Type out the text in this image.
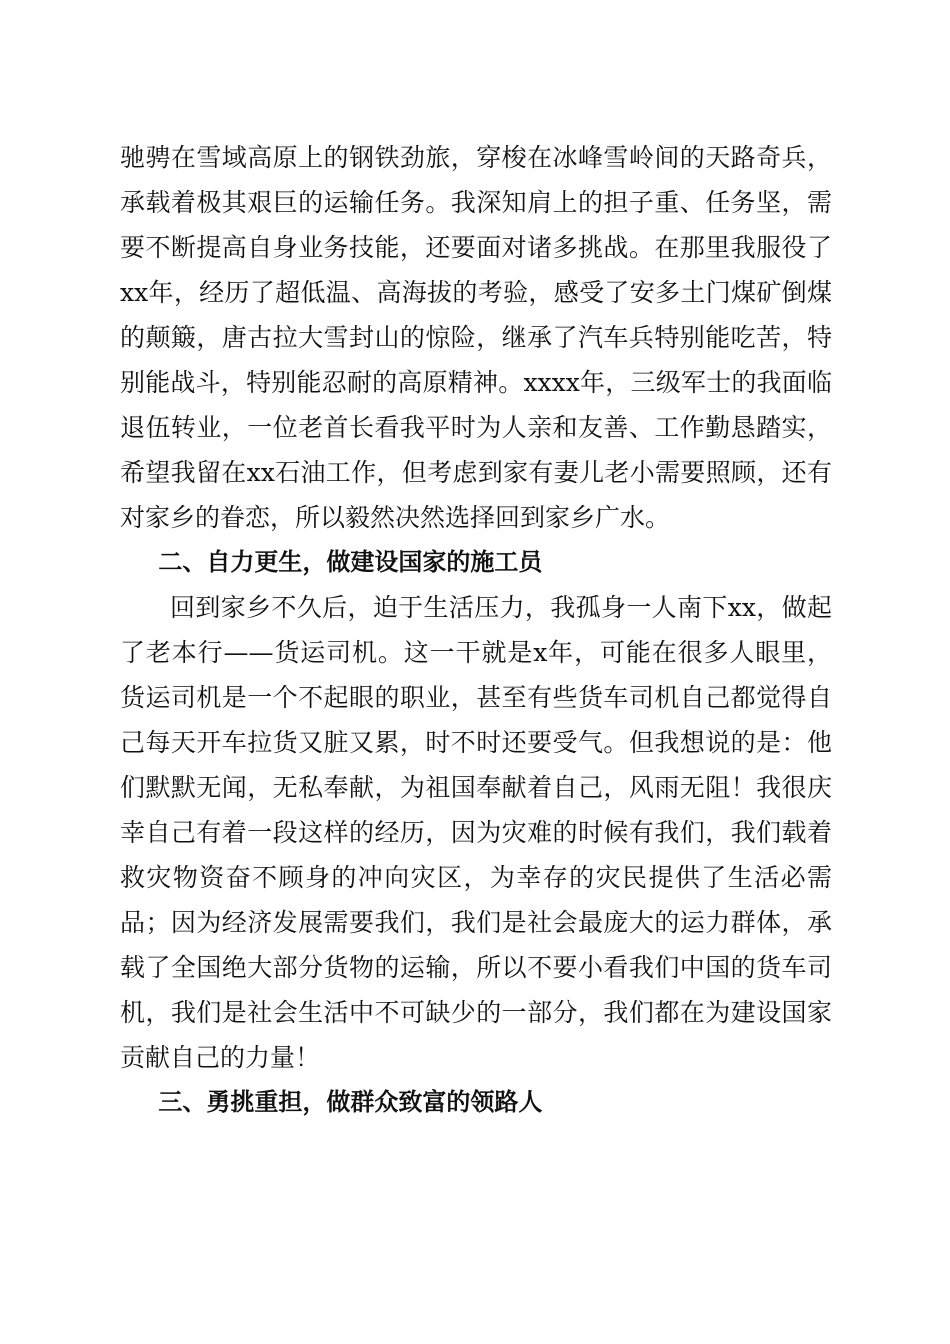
驰骋在雪域高原上的钢铁劲旅，穿梭在冰峰雪岭间的天路奇兵，承载着极其艰巨的运输任务。我深知肩上的担子重、任务坚，需要不断提高自身业务技能，还要面对诸多挑战。在那里我服役了xx年，经历了超低温、高海拔的考验，感受了安多土门煤矿倒煤的颠簸，唐古拉大雪封山的惊险，继承了汽车兵特别能吃苦，特别能战斗，特别能忍耐的高原精神。xxxx年，三级军士的我面临退伍转业，一位老首长看我平时为人亲和友善、工作勤恳踏实，希望我留在xx石油工作，但考虑到家有妻儿老小需要照顾，还有对家乡的眷恋，所以毅然决然选择回到家乡广水。

二、自力更生，做建设国家的施工员

回到家乡不久后，迫于生活压力，我孤身一人南下xx，做起了老本行——货运司机。这一干就是x年，可能在很多人眼里，货运司机是一个不起眼的职业，甚至有些货车司机自己都觉得自己每天开车拉货又脏又累，时不时还要受气。但我想说的是：他们默默无闻，无私奉献，为祖国奉献着自己，风雨无阻！我很庆幸自己有着一段这样的经历，因为灾难的时候有我们，我们载着救灾物资奋不顾身的冲向灾区，为幸存的灾民提供了生活必需品；因为经济发展需要我们，我们是社会最庞大的运力群体，承载了全国绝大部分货物的运输，所以不要小看我们中国的货车司机，我们是社会生活中不可缺少的一部分，我们都在为建设国家贡献自己的力量！

三、勇挑重担，做群众致富的领路人
